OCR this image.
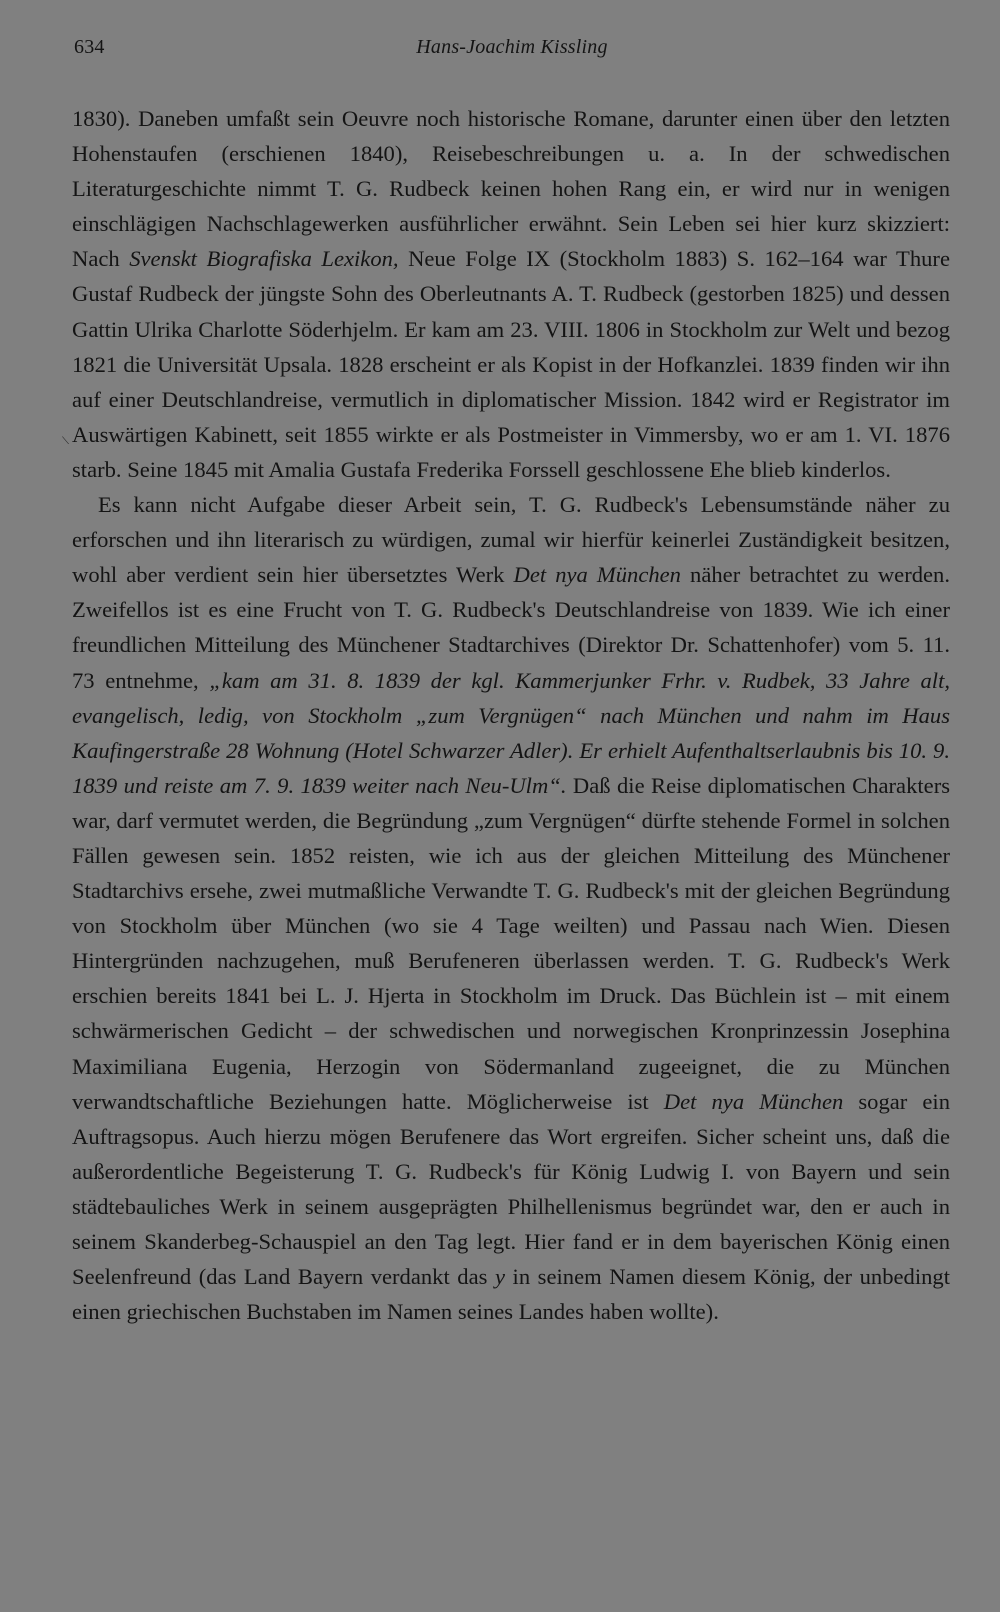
634	Hans-Joachim Kissling
⟍

1830). Daneben umfaßt sein Oeuvre noch historische Romane, darunter einen über den letzten Hohenstaufen (erschienen 1840), Reisebeschreibungen u. a. In der schwedischen Literaturgeschichte nimmt T. G. Rudbeck keinen hohen Rang ein, er wird nur in wenigen einschlägigen Nachschlagewerken ausführlicher erwähnt. Sein Leben sei hier kurz skizziert: Nach Svenskt Biografiska Lexikon, Neue Folge IX (Stockholm 1883) S. 162–164 war Thure Gustaf Rudbeck der jüngste Sohn des Oberleutnants A. T. Rudbeck (gestorben 1825) und dessen Gattin Ulrika Charlotte Söderhjelm. Er kam am 23. VIII. 1806 in Stockholm zur Welt und bezog 1821 die Universität Upsala. 1828 erscheint er als Kopist in der Hofkanzlei. 1839 finden wir ihn auf einer Deutschlandreise, vermutlich in diplomatischer Mission. 1842 wird er Registrator im Auswärtigen Kabinett, seit 1855 wirkte er als Postmeister in Vimmersby, wo er am 1. VI. 1876 starb. Seine 1845 mit Amalia Gustafa Frederika Forssell geschlossene Ehe blieb kinderlos.

Es kann nicht Aufgabe dieser Arbeit sein, T. G. Rudbeck's Lebensumstände näher zu erforschen und ihn literarisch zu würdigen, zumal wir hierfür keinerlei Zuständigkeit besitzen, wohl aber verdient sein hier übersetztes Werk Det nya München näher betrachtet zu werden. Zweifellos ist es eine Frucht von T. G. Rudbeck's Deutschlandreise von 1839. Wie ich einer freundlichen Mitteilung des Münchener Stadtarchives (Direktor Dr. Schattenhofer) vom 5. 11. 73 entnehme, „kam am 31. 8. 1839 der kgl. Kammerjunker Frhr. v. Rudbek, 33 Jahre alt, evangelisch, ledig, von Stockholm „zum Vergnügen“ nach München und nahm im Haus Kaufingerstraße 28 Wohnung (Hotel Schwarzer Adler). Er erhielt Aufenthaltserlaubnis bis 10. 9. 1839 und reiste am 7. 9. 1839 weiter nach Neu-Ulm“. Daß die Reise diplomatischen Charakters war, darf vermutet werden, die Begründung „zum Vergnügen“ dürfte stehende Formel in solchen Fällen gewesen sein. 1852 reisten, wie ich aus der gleichen Mitteilung des Münchener Stadtarchivs ersehe, zwei mutmaßliche Verwandte T. G. Rudbeck's mit der gleichen Begründung von Stockholm über München (wo sie 4 Tage weilten) und Passau nach Wien. Diesen Hintergründen nachzugehen, muß Berufeneren überlassen werden. T. G. Rudbeck's Werk erschien bereits 1841 bei L. J. Hjerta in Stockholm im Druck. Das Büchlein ist – mit einem schwärmerischen Gedicht – der schwedischen und norwegischen Kronprinzessin Josephina Maximiliana Eugenia, Herzogin von Södermanland zugeeignet, die zu München verwandtschaftliche Beziehungen hatte. Möglicherweise ist Det nya München sogar ein Auftragsopus. Auch hierzu mögen Berufenere das Wort ergreifen. Sicher scheint uns, daß die außerordentliche Begeisterung T. G. Rudbeck's für König Ludwig I. von Bayern und sein städtebauliches Werk in seinem ausgeprägten Philhellenismus begründet war, den er auch in seinem Skanderbeg-Schauspiel an den Tag legt. Hier fand er in dem bayerischen König einen Seelenfreund (das Land Bayern verdankt das y in seinem Namen diesem König, der unbedingt einen griechischen Buchstaben im Namen seines Landes haben wollte).
